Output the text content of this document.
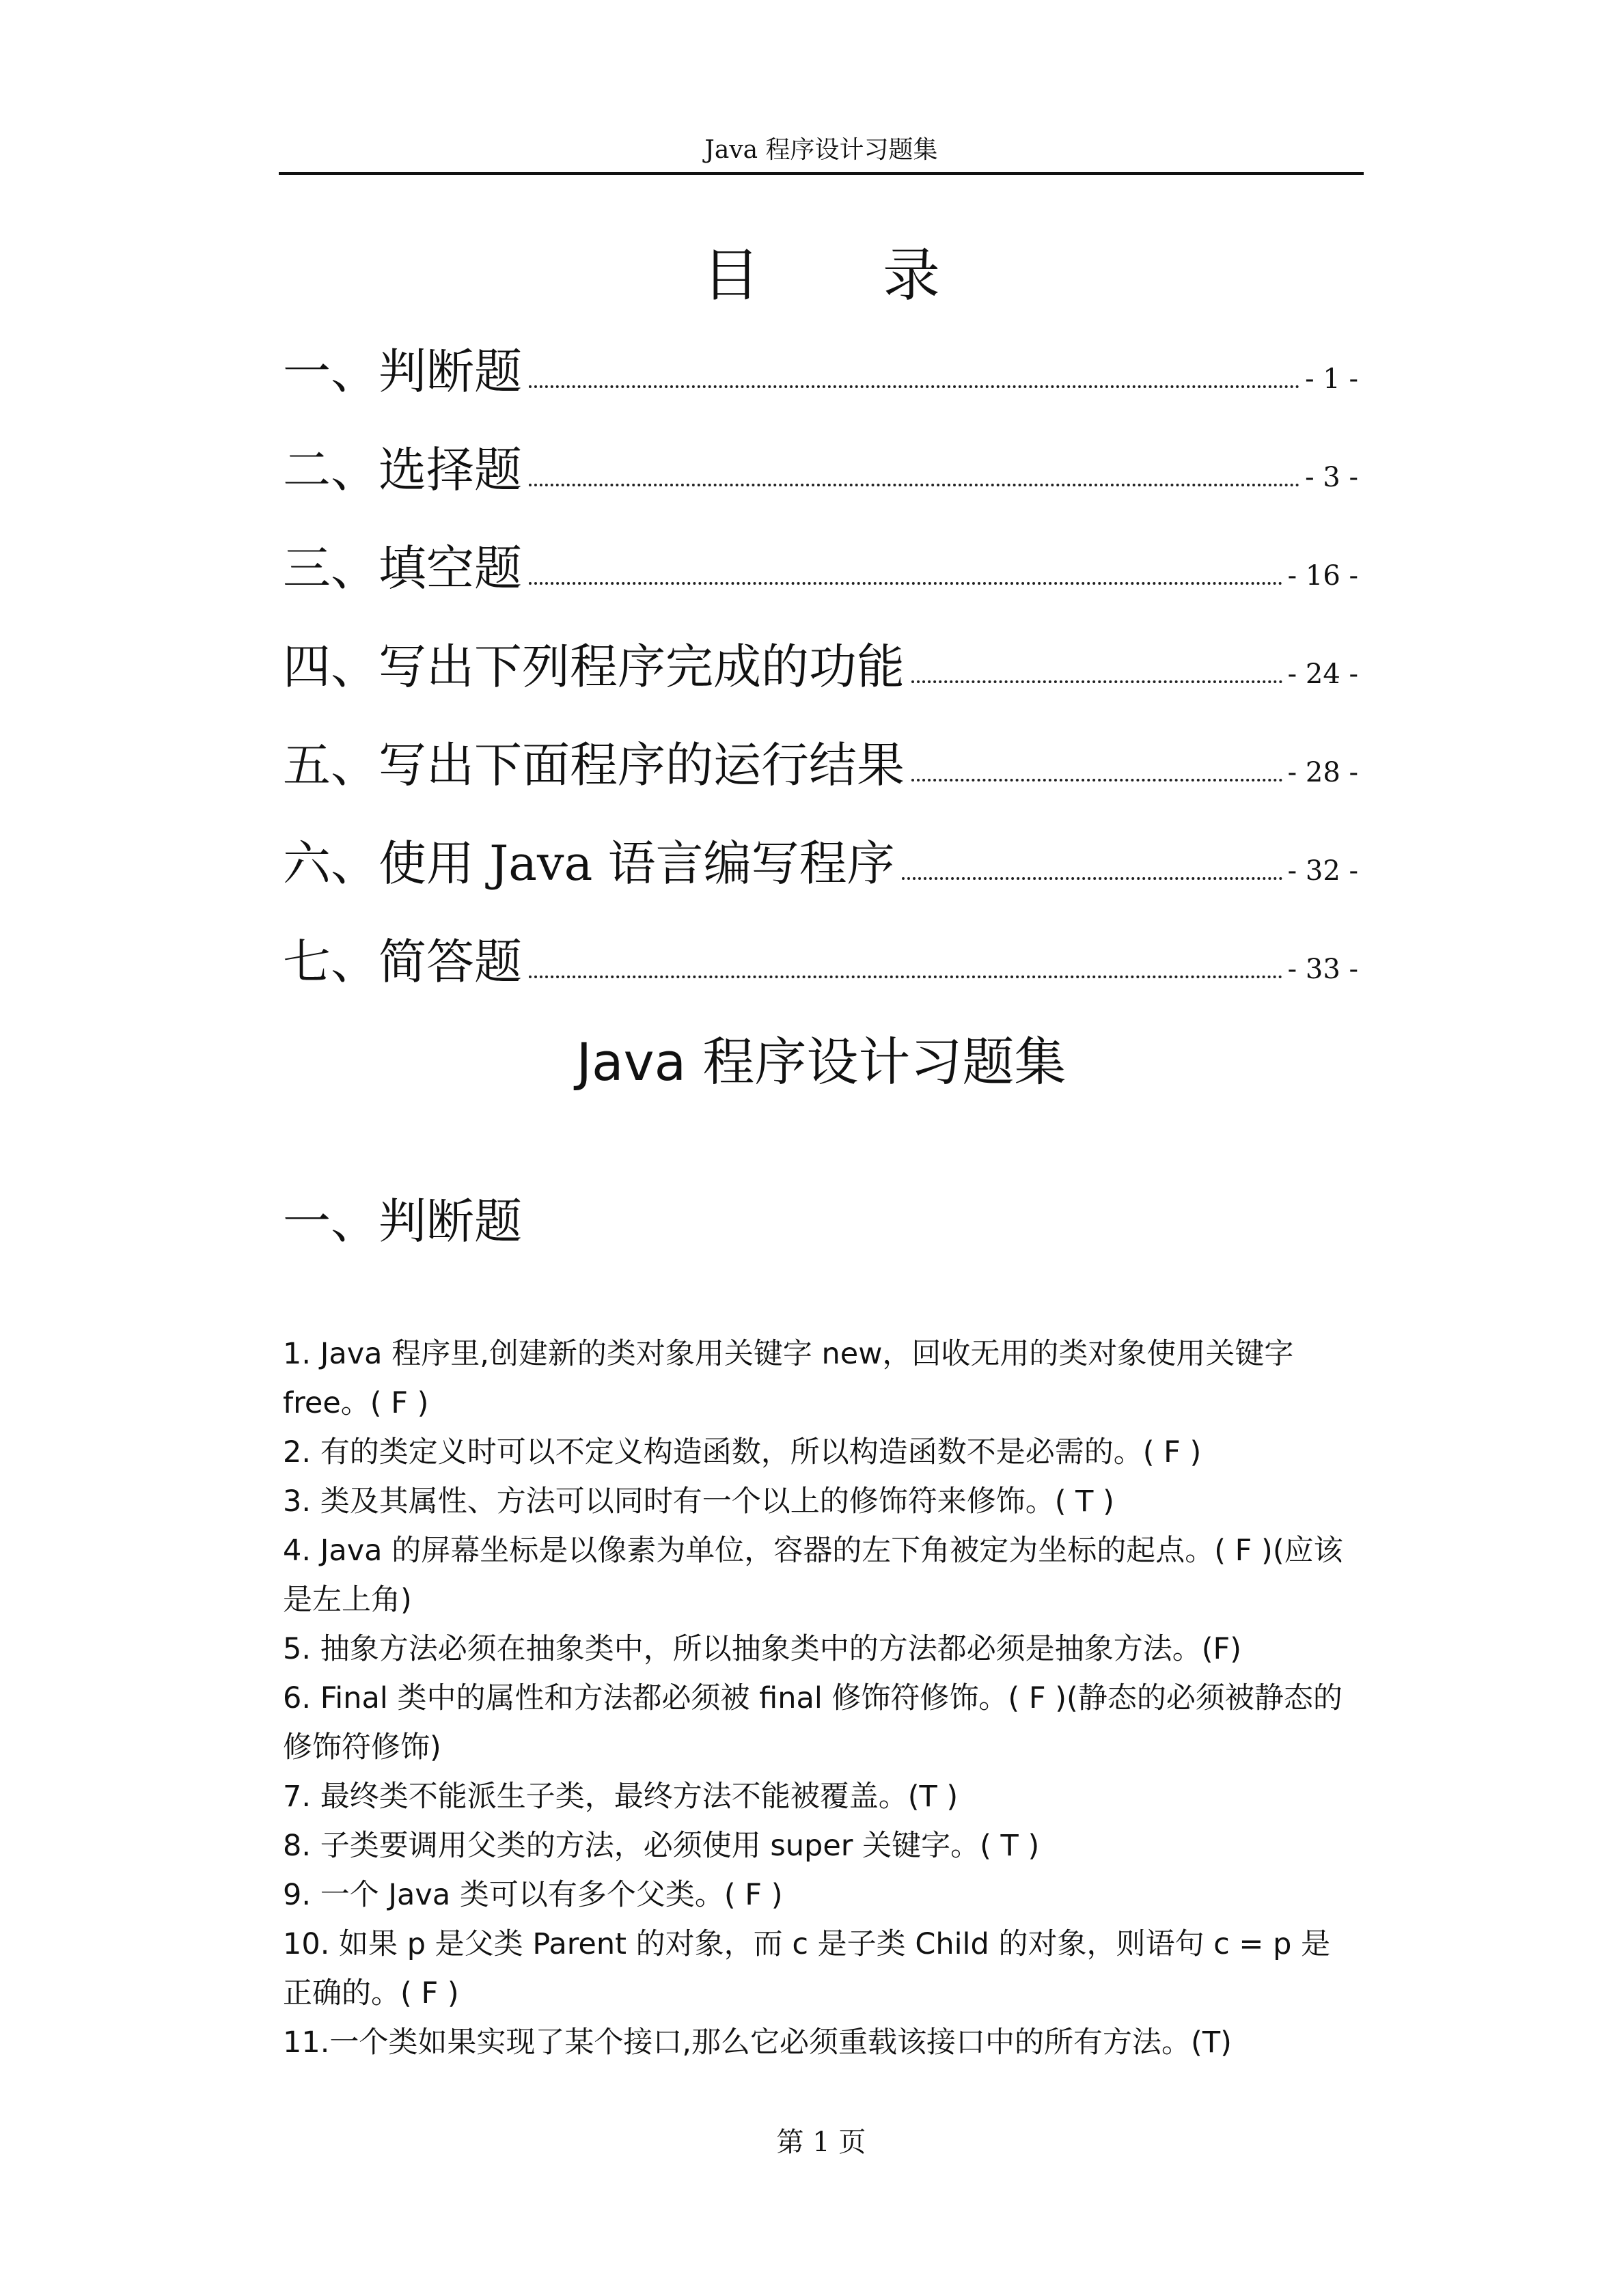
Java 程序设计习题集
目录
一、判断题	- 1 -
二、选择题	- 3 -
三、填空题	- 16 -
四、写出下列程序完成的功能	- 24 -
五、写出下面程序的运行结果	- 28 -
六、使用 Java 语言编写程序	- 32 -
七、简答题	- 33 -
Java 程序设计习题集
一、判断题
1. Java 程序里,创建新的类对象用关键字 new，回收无用的类对象使用关键字 free。( F )
2. 有的类定义时可以不定义构造函数，所以构造函数不是必需的。( F )
3. 类及其属性、方法可以同时有一个以上的修饰符来修饰。( T )
4. Java 的屏幕坐标是以像素为单位，容器的左下角被定为坐标的起点。( F )(应该是左上角)
5. 抽象方法必须在抽象类中，所以抽象类中的方法都必须是抽象方法。(F)
6. Final 类中的属性和方法都必须被 final 修饰符修饰。( F )(静态的必须被静态的修饰符修饰)
7. 最终类不能派生子类，最终方法不能被覆盖。(T )
8. 子类要调用父类的方法，必须使用 super 关键字。( T )
9. 一个 Java 类可以有多个父类。( F )
10. 如果 p 是父类 Parent 的对象，而 c 是子类 Child 的对象，则语句 c = p 是正确的。( F )
11.一个类如果实现了某个接口,那么它必须重载该接口中的所有方法。(T)
第 1 页
